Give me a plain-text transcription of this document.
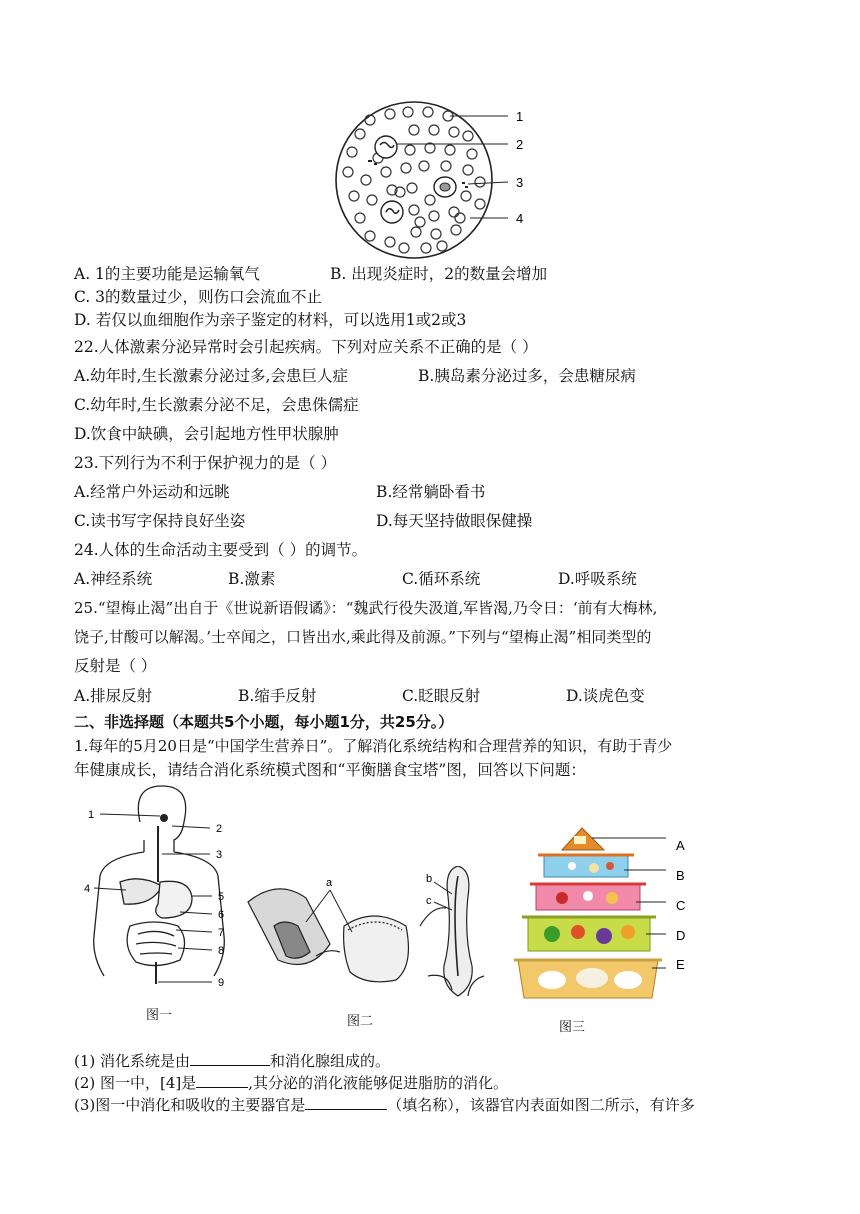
1
2
3
4
A. 1的主要功能是运输氧气	B. 出现炎症时，2的数量会增加
C. 3的数量过少，则伤口会流血不止
D. 若仅以血细胞作为亲子鉴定的材料，可以选用1或2或3
22.人体激素分泌异常时会引起疾病。下列对应关系不正确的是（ ）
A.幼年时,生长激素分泌过多,会患巨人症	B.胰岛素分泌过多，会患糖尿病
C.幼年时,生长激素分泌不足，会患侏儒症
D.饮食中缺碘，会引起地方性甲状腺肿
23.下列行为不利于保护视力的是（ ）
A.经常户外运动和远眺	B.经常躺卧看书
C.读书写字保持良好坐姿	D.每天坚持做眼保健操
24.人体的生命活动主要受到（ ）的调节。
A.神经系统	B.激素	C.循环系统	D.呼吸系统
25.“望梅止渴”出自于《世说新语假谲》：“魏武行役失汲道,军皆渴,乃令日：‘前有大梅林,
饶子,甘酸可以解渴。’士卒闻之，口皆出水,乘此得及前源。”下列与“望梅止渴”相同类型的
反射是（ ）
A.排尿反射	B.缩手反射	C.眨眼反射	D.谈虎色变
二、非选择题（本题共5个小题，每小题1分，共25分。）
1.每年的5月20日是“中国学生营养日”。了解消化系统结构和合理营养的知识，有助于青少
年健康成长，请结合消化系统模式图和“平衡膳食宝塔”图，回答以下问题：
1
2
3
4
5
6
7
8
9
图一
a	b
c
图二
A
B
C
D
E
图三
(1) 消化系统是由	和消化腺组成的。
(2) 图一中，[4]是	,其分泌的消化液能够促进脂肪的消化。
(3)图一中消化和吸收的主要器官是	（填名称），该器官内表面如图二所示，有许多
